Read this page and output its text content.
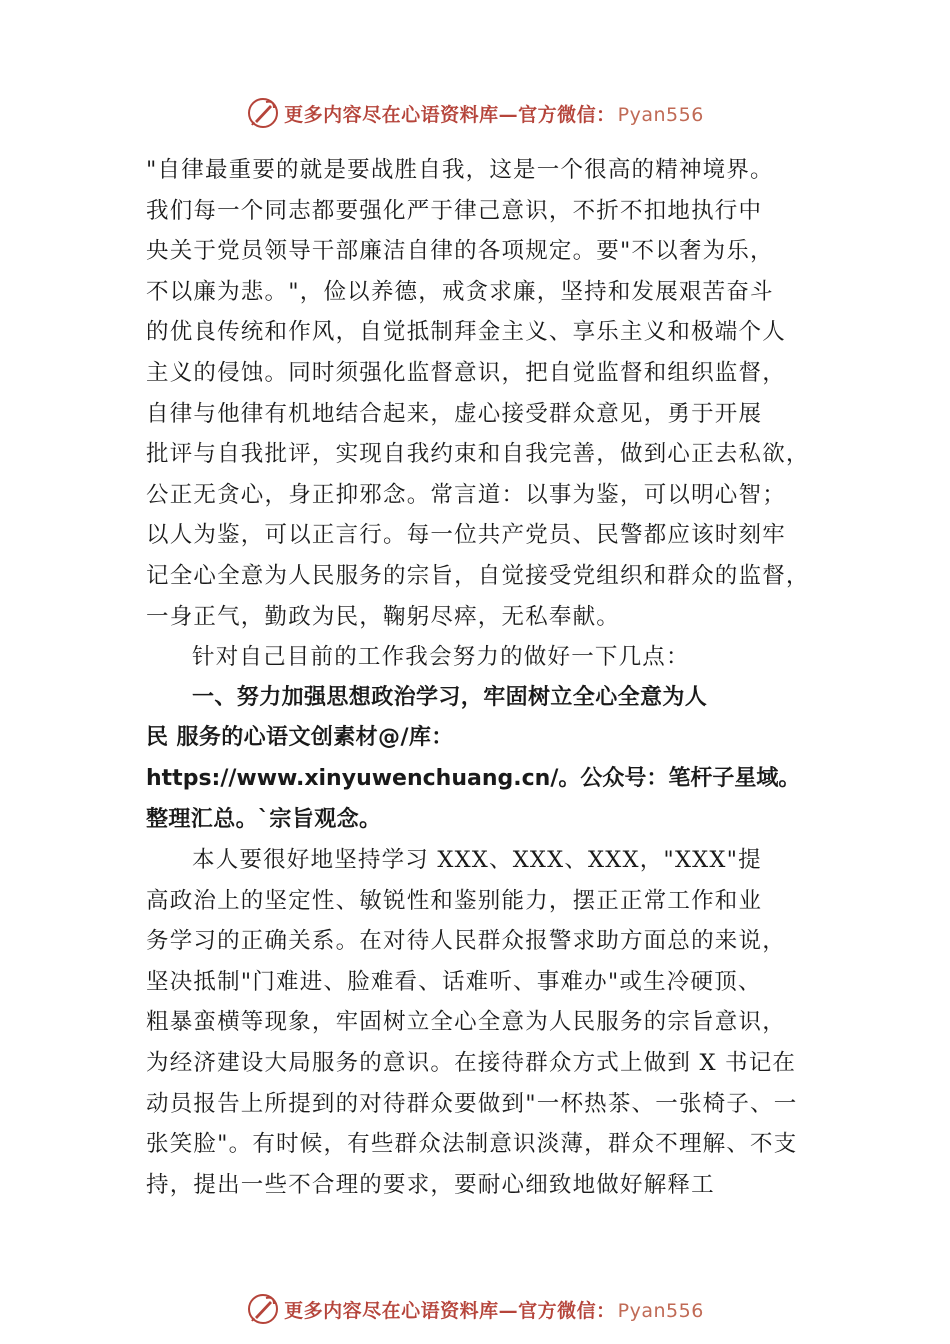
更多内容尽在心语资料库—官方微信： Pyan556
"自律最重要的就是要战胜自我，这是一个很高的精神境界。
我们每一个同志都要强化严于律己意识，不折不扣地执行中
央关于党员领导干部廉洁自律的各项规定。要"不以奢为乐，
不以廉为悲。"，俭以养德，戒贪求廉，坚持和发展艰苦奋斗
的优良传统和作风，自觉抵制拜金主义、享乐主义和极端个人
主义的侵蚀。同时须强化监督意识，把自觉监督和组织监督，
自律与他律有机地结合起来，虚心接受群众意见，勇于开展
批评与自我批评，实现自我约束和自我完善，做到心正去私欲，
公正无贪心，身正抑邪念。常言道：以事为鉴，可以明心智；
以人为鉴，可以正言行。每一位共产党员、民警都应该时刻牢
记全心全意为人民服务的宗旨，自觉接受党组织和群众的监督，
一身正气，勤政为民，鞠躬尽瘁，无私奉献。
针对自己目前的工作我会努力的做好一下几点：
一、努力加强思想政治学习，牢固树立全心全意为人
民 服务的心语文创素材@/库：
https://www.xinyuwenchuang.cn/。公众号：笔杆子星域。
整理汇总。`宗旨观念。
本人要很好地坚持学习 XXX、XXX、XXX，"XXX"提
高政治上的坚定性、敏锐性和鉴别能力，摆正正常工作和业
务学习的正确关系。在对待人民群众报警求助方面总的来说，
坚决抵制"门难进、脸难看、话难听、事难办"或生冷硬顶、
粗暴蛮横等现象，牢固树立全心全意为人民服务的宗旨意识，
为经济建设大局服务的意识。在接待群众方式上做到 X 书记在
动员报告上所提到的对待群众要做到"一杯热茶、一张椅子、一
张笑脸"。有时候，有些群众法制意识淡薄，群众不理解、不支
持，提出一些不合理的要求，要耐心细致地做好解释工
更多内容尽在心语资料库—官方微信： Pyan556
